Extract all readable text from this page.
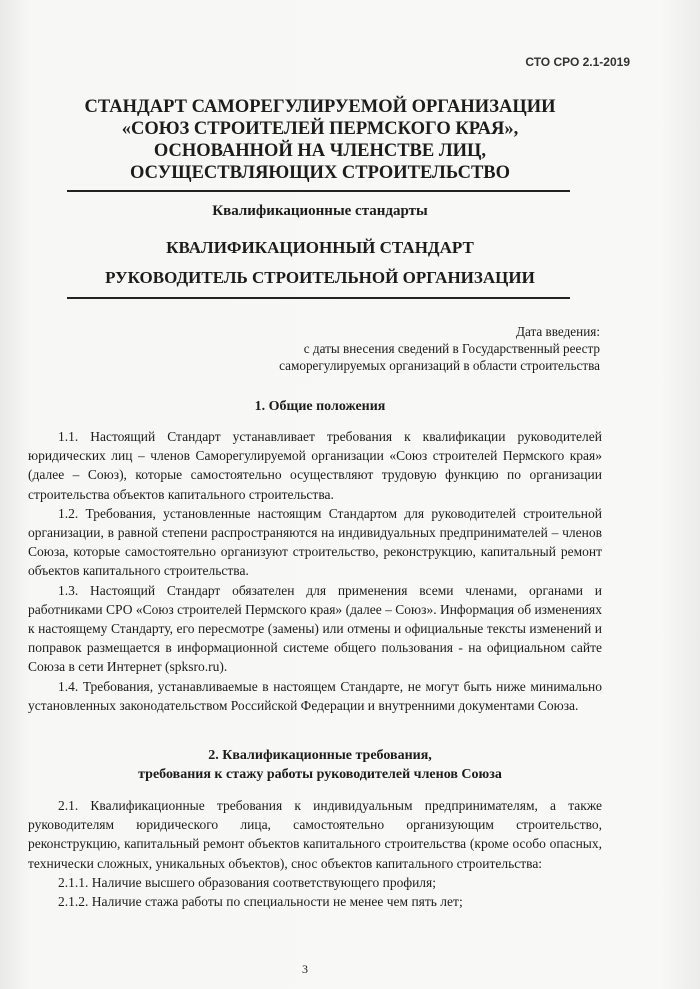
СТО СРО 2.1-2019
СТАНДАРТ САМОРЕГУЛИРУЕМОЙ ОРГАНИЗАЦИИ
«СОЮЗ СТРОИТЕЛЕЙ ПЕРМСКОГО КРАЯ»,
ОСНОВАННОЙ НА ЧЛЕНСТВЕ ЛИЦ,
ОСУЩЕСТВЛЯЮЩИХ СТРОИТЕЛЬСТВО
Квалификационные стандарты
КВАЛИФИКАЦИОННЫЙ СТАНДАРТ
РУКОВОДИТЕЛЬ СТРОИТЕЛЬНОЙ ОРГАНИЗАЦИИ
Дата введения:
с даты внесения сведений в Государственный реестр
саморегулируемых организаций в области строительства
1. Общие положения

1.1. Настоящий Стандарт устанавливает требования к квалификации руководителей юридических лиц – членов Саморегулируемой организации «Союз строителей Пермского края» (далее – Союз), которые самостоятельно осуществляют трудовую функцию по организации строительства объектов капитального строительства.

1.2. Требования, установленные настоящим Стандартом для руководителей строительной организации, в равной степени распространяются на индивидуальных предпринимателей – членов Союза, которые самостоятельно организуют строительство, реконструкцию, капитальный ремонт объектов капитального строительства.

1.3. Настоящий Стандарт обязателен для применения всеми членами, органами и работниками СРО «Союз строителей Пермского края» (далее – Союз». Информация об изменениях к настоящему Стандарту, его пересмотре (замены) или отмены и официальные тексты изменений и поправок размещается в информационной системе общего пользования - на официальном сайте Союза в сети Интернет (spksro.ru).

1.4. Требования, устанавливаемые в настоящем Стандарте, не могут быть ниже минимально установленных законодательством Российской Федерации и внутренними документами Союза.

2. Квалификационные требования,
требования к стажу работы руководителей членов Союза

2.1. Квалификационные требования к индивидуальным предпринимателям, а также руководителям юридического лица, самостоятельно организующим строительство, реконструкцию, капитальный ремонт объектов капитального строительства (кроме особо опасных, технически сложных, уникальных объектов), снос объектов капитального строительства:

2.1.1. Наличие высшего образования соответствующего профиля;

2.1.2. Наличие стажа работы по специальности не менее чем пять лет;

3
